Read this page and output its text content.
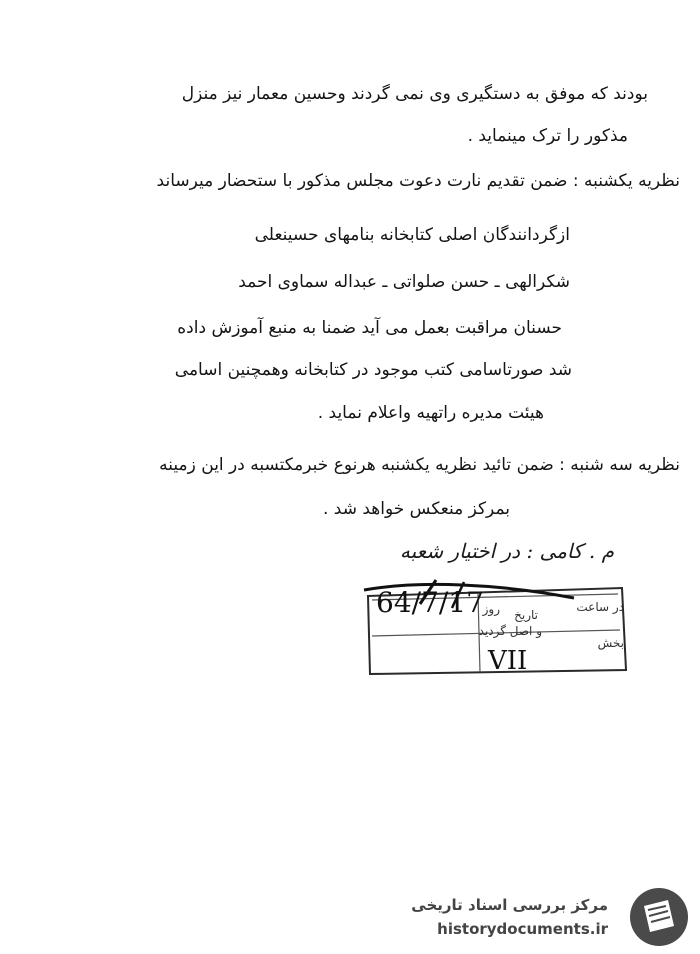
بودند که موفق به دستگیری وی نمی گردند وحسین معمار نیز منزل
مذکور را ترک مینماید .
نظریه یکشنبه : ضمن تقدیم نارت دعوت مجلس مذکور با ستحضار میرساند
ازگردانندگان اصلی کتابخانه بنامهای حسینعلی
شکرالهی ـ حسن صلواتی ـ عبداله سماوی احمد
حسنان مراقبت بعمل می آید ضمنا به منبع آموزش داده
شد صورتاسامی کتب موجود در کتابخانه وهمچنین اسامی
هیئت مدیره راتهیه واعلام نماید .
نظریه سه شنبه : ضمن تائید نظریه یکشنبه هرنوع خبرمکتسبه در این زمینه
بمرکز منعکس خواهد شد .
م . کامی : در اختیار شعبه
64/7/17
روز تاریخ
در ساعت
و اصل گردید
بخش
VII
مرکز بررسی اسناد تاریخی
historydocuments.ir
